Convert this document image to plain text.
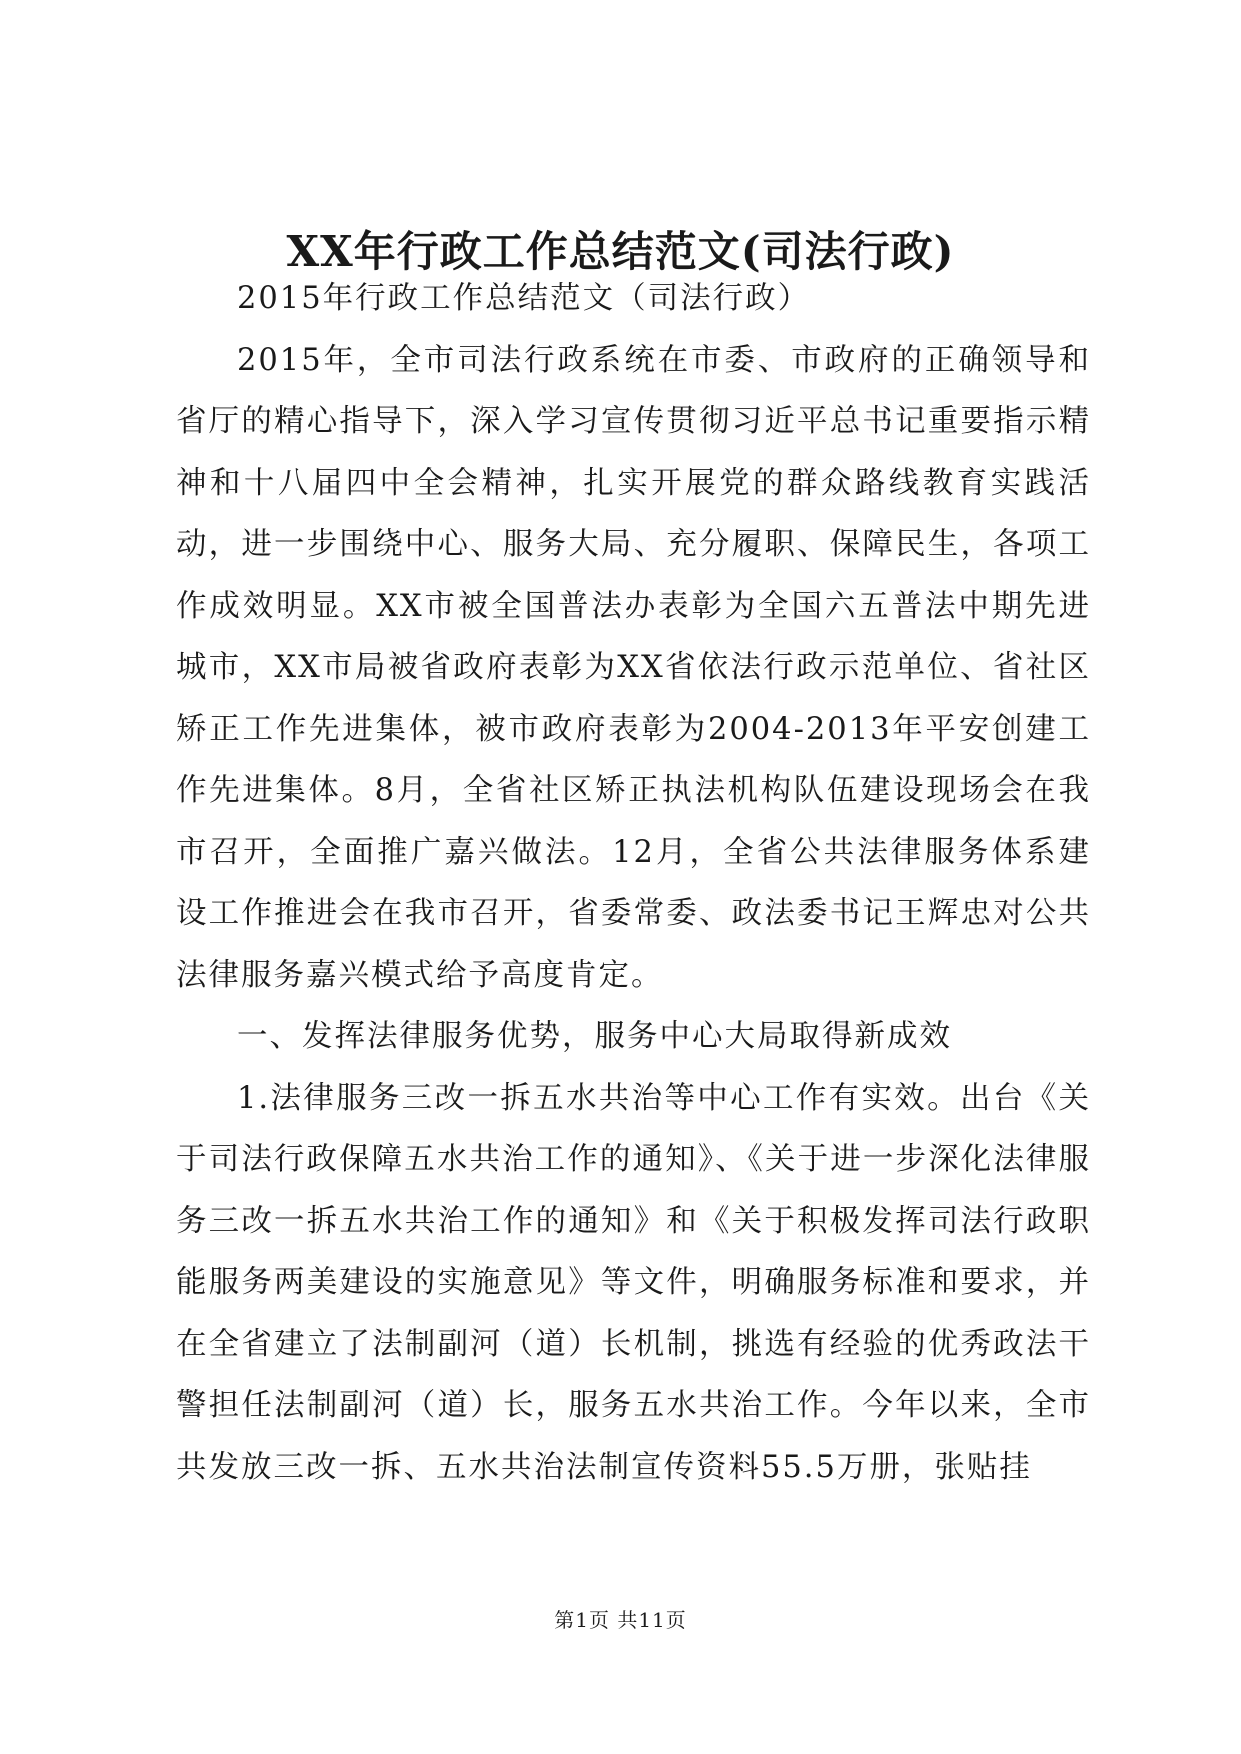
XX年行政工作总结范文(司法行政)

2015年行政工作总结范文（司法行政）

2015年，全市司法行政系统在市委、市政府的正确领导和省厅的精心指导下，深入学习宣传贯彻习近平总书记重要指示精神和十八届四中全会精神，扎实开展党的群众路线教育实践活动，进一步围绕中心、服务大局、充分履职、保障民生，各项工作成效明显。XX市被全国普法办表彰为全国六五普法中期先进城市，XX市局被省政府表彰为XX省依法行政示范单位、省社区矫正工作先进集体，被市政府表彰为2004-2013年平安创建工作先进集体。8月，全省社区矫正执法机构队伍建设现场会在我市召开，全面推广嘉兴做法。12月，全省公共法律服务体系建设工作推进会在我市召开，省委常委、政法委书记王辉忠对公共法律服务嘉兴模式给予高度肯定。

一、发挥法律服务优势，服务中心大局取得新成效

1.法律服务三改一拆五水共治等中心工作有实效。出台《关于司法行政保障五水共治工作的通知》、《关于进一步深化法律服务三改一拆五水共治工作的通知》和《关于积极发挥司法行政职能服务两美建设的实施意见》等文件，明确服务标准和要求，并在全省建立了法制副河（道）长机制，挑选有经验的优秀政法干警担任法制副河（道）长，服务五水共治工作。今年以来，全市共发放三改一拆、五水共治法制宣传资料55.5万册，张贴挂

第1页 共11页
